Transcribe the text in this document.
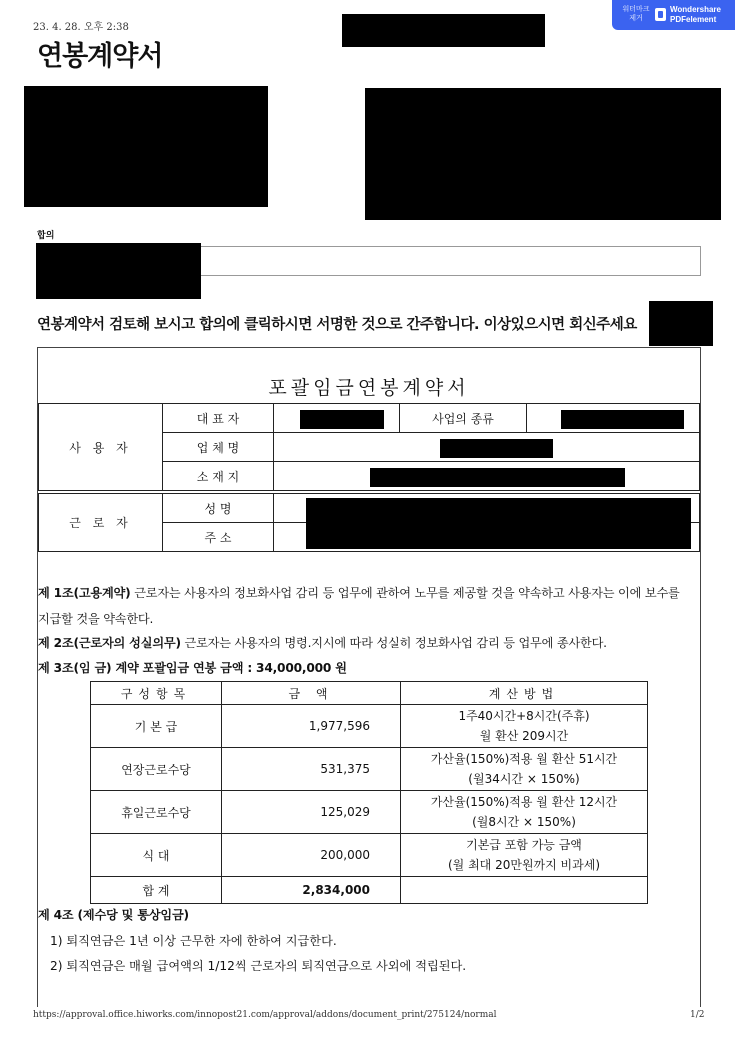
23. 4. 28. 오후 2:38
연봉계약서
워터마크 제거
Wondershare
PDFelement
합의
연봉계약서 검토해 보시고 합의에 클릭하시면 서명한 것으로 간주합니다. 이상있으시면 회신주세요
포괄임금연봉계약서
사 용 자	대 표 자		사업의 종류	
	업 체 명			
	소 재 지			
근 로 자	성 명	
	주 소	
제 1조(고용계약) 근로자는 사용자의 정보화사업 감리 등 업무에 관하여 노무를 제공할 것을 약속하고 사용자는 이에 보수를
지급할 것을 약속한다.
제 2조(근로자의 성실의무) 근로자는 사용자의 명령.지시에 따라 성실히 정보화사업 감리 등 업무에 종사한다.
제 3조(임 금) 계약 포괄임금 연봉 금액 : 34,000,000 원
구성항목	금 액	계산방법
기 본 급	1,977,596	1주40시간+8시간(주휴)
월 환산 209시간

연장근로수당	531,375	가산율(150%)적용 월 환산 51시간
(월34시간 × 150%)

휴일근로수당	125,029	가산율(150%)적용 월 환산 12시간
(월8시간 × 150%)

식 대	200,000	기본급 포함 가능 금액
(월 최대 20만원까지 비과세)

합 계	2,834,000	
제 4조 (제수당 및 통상임금)
1) 퇴직연금은 1년 이상 근무한 자에 한하여 지급한다.
2) 퇴직연금은 매월 급여액의 1/12씩 근로자의 퇴직연금으로 사외에 적립된다.
https://approval.office.hiworks.com/innopost21.com/approval/addons/document_print/275124/normal	1/2
